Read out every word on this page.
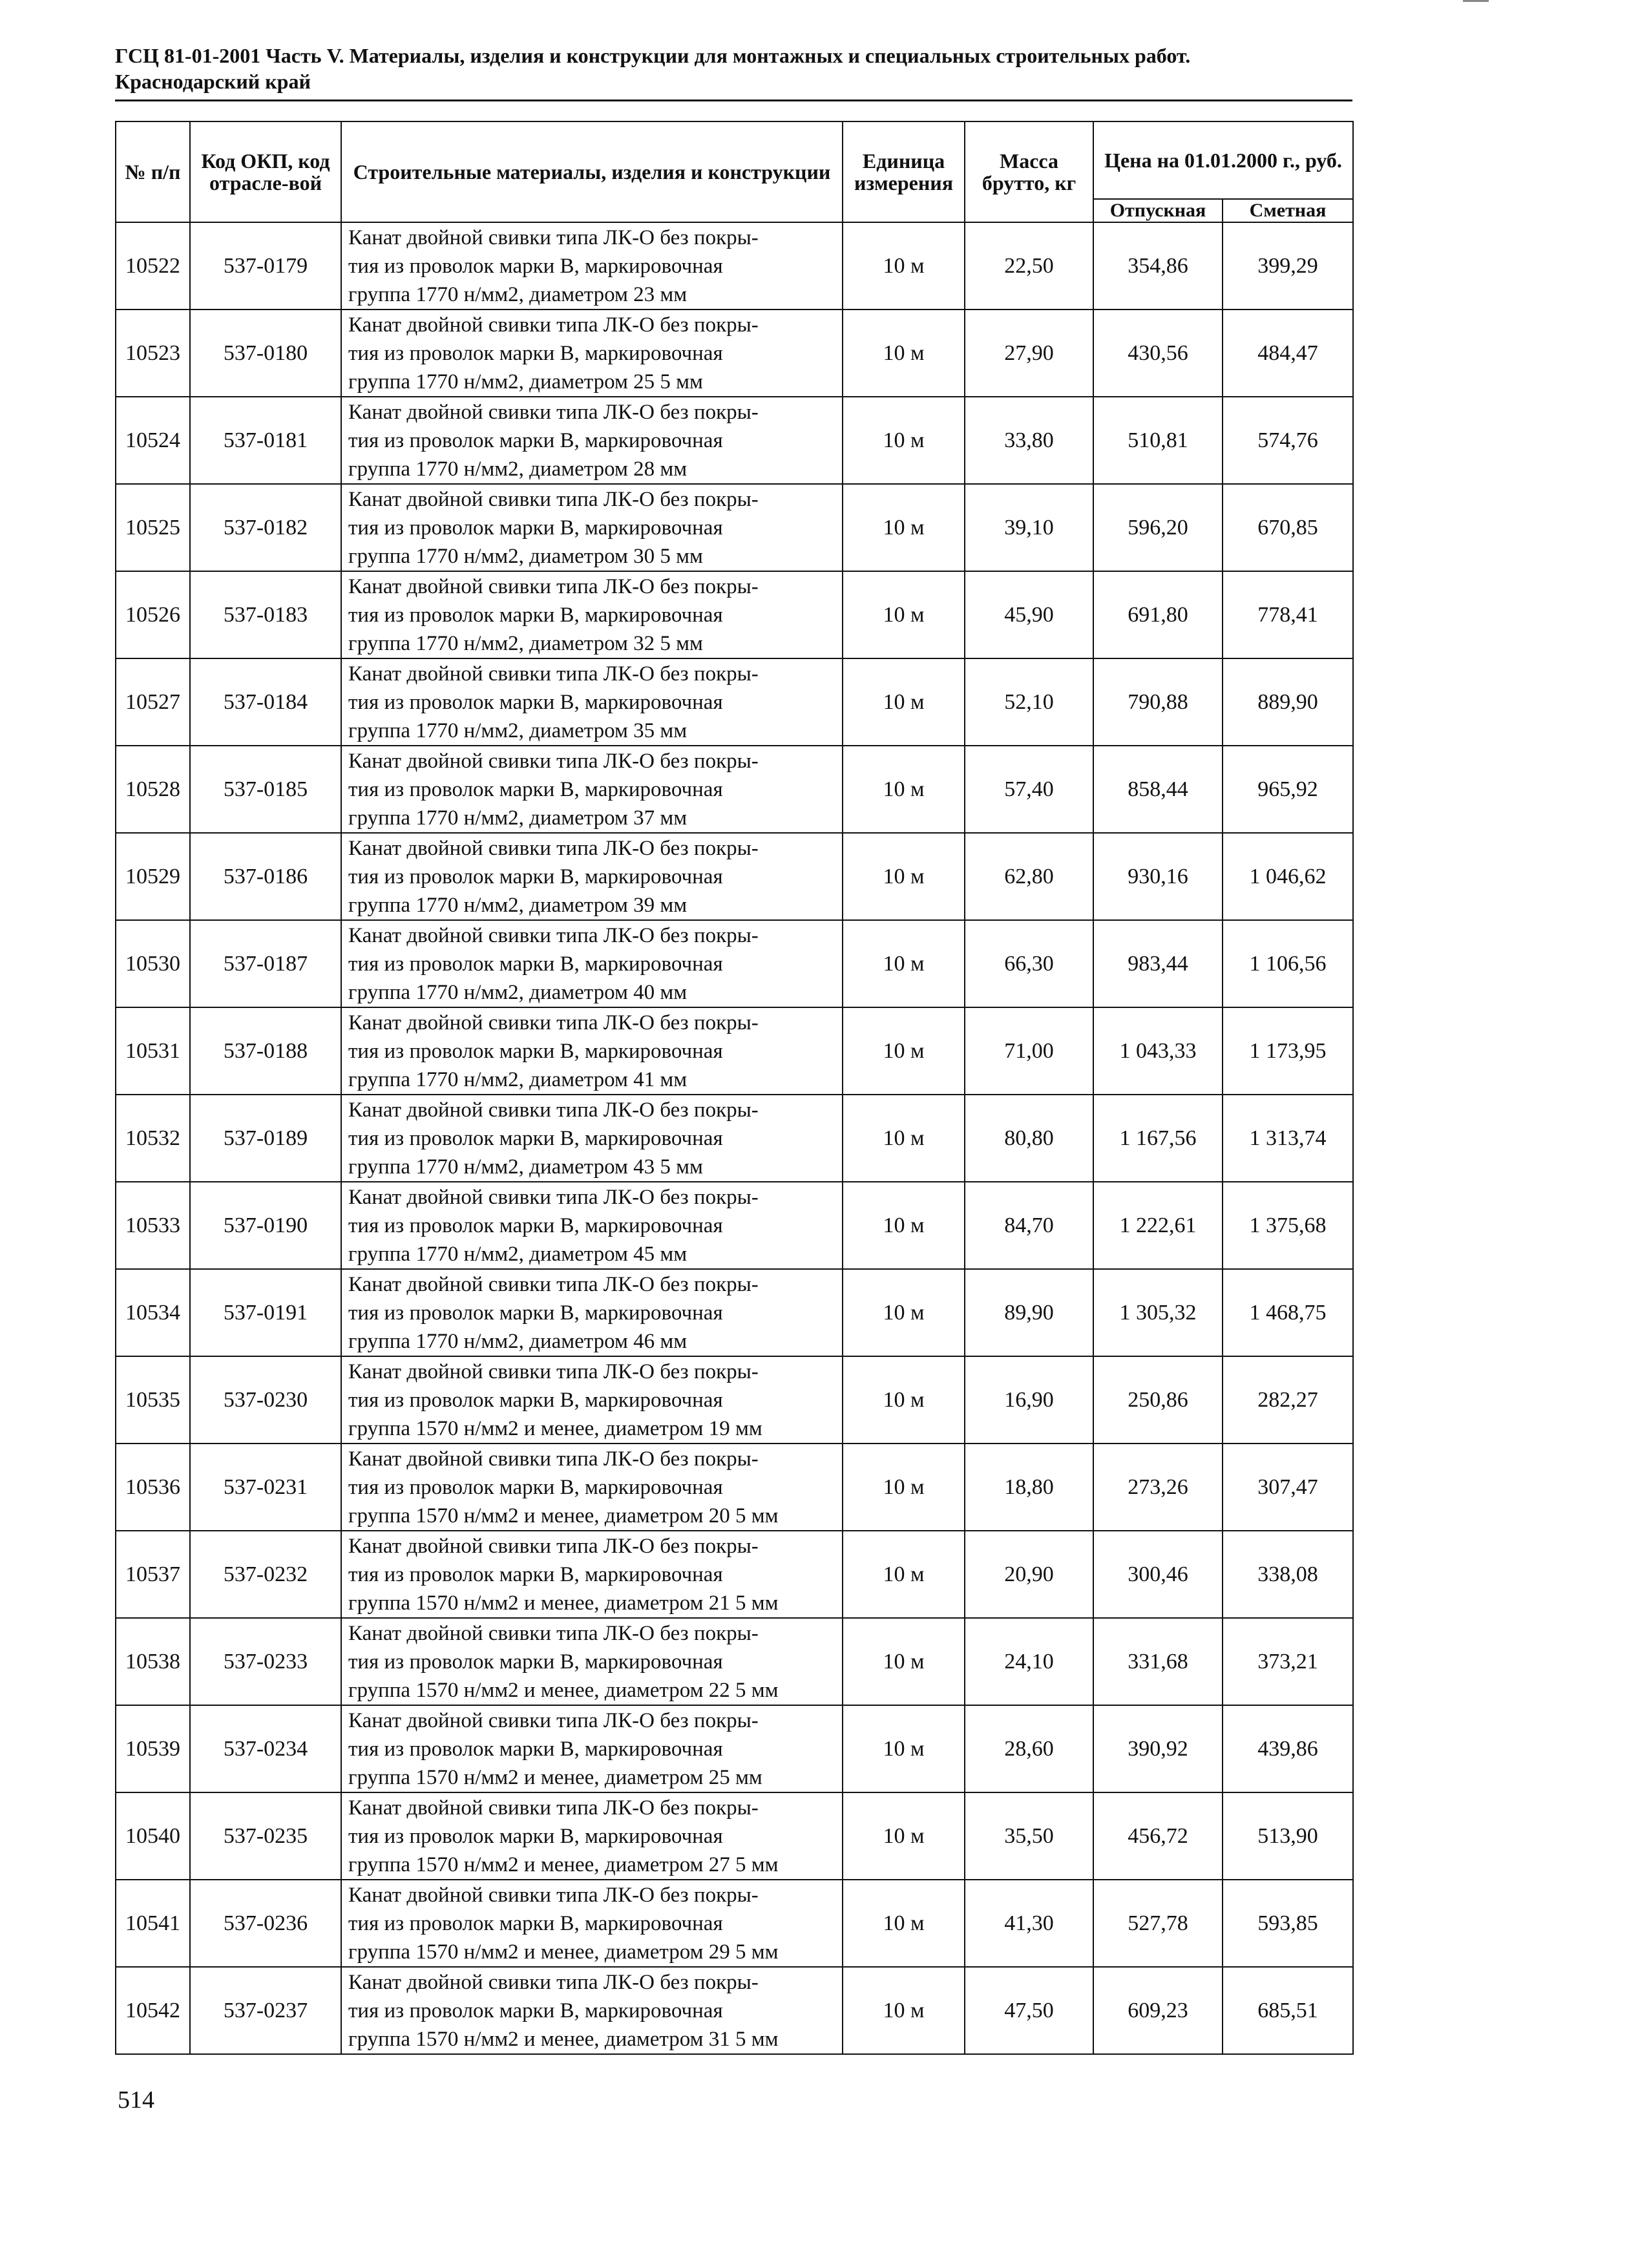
ГСЦ 81-01-2001 Часть V. Материалы, изделия и конструкции для монтажных и специальных строительных работ.
Краснодарский край
№ п/п	Код ОКП, код отрасле-вой	Строительные материалы, изделия и конструкции	Единица измерения	Масса брутто, кг	Цена на 01.01.2000 г., руб.	
					Отпускная	Сметная
10522	537-0179	Канат двойной свивки типа ЛК-О без покры-
тия из проволок марки В, маркировочная
группа 1770 н/мм2, диаметром 23 мм	10 м	22,50	354,86	399,29
10523	537-0180	Канат двойной свивки типа ЛК-О без покры-
тия из проволок марки В, маркировочная
группа 1770 н/мм2, диаметром 25 5 мм	10 м	27,90	430,56	484,47
10524	537-0181	Канат двойной свивки типа ЛК-О без покры-
тия из проволок марки В, маркировочная
группа 1770 н/мм2, диаметром 28 мм	10 м	33,80	510,81	574,76
10525	537-0182	Канат двойной свивки типа ЛК-О без покры-
тия из проволок марки В, маркировочная
группа 1770 н/мм2, диаметром 30 5 мм	10 м	39,10	596,20	670,85
10526	537-0183	Канат двойной свивки типа ЛК-О без покры-
тия из проволок марки В, маркировочная
группа 1770 н/мм2, диаметром 32 5 мм	10 м	45,90	691,80	778,41
10527	537-0184	Канат двойной свивки типа ЛК-О без покры-
тия из проволок марки В, маркировочная
группа 1770 н/мм2, диаметром 35 мм	10 м	52,10	790,88	889,90
10528	537-0185	Канат двойной свивки типа ЛК-О без покры-
тия из проволок марки В, маркировочная
группа 1770 н/мм2, диаметром 37 мм	10 м	57,40	858,44	965,92
10529	537-0186	Канат двойной свивки типа ЛК-О без покры-
тия из проволок марки В, маркировочная
группа 1770 н/мм2, диаметром 39 мм	10 м	62,80	930,16	1 046,62
10530	537-0187	Канат двойной свивки типа ЛК-О без покры-
тия из проволок марки В, маркировочная
группа 1770 н/мм2, диаметром 40 мм	10 м	66,30	983,44	1 106,56
10531	537-0188	Канат двойной свивки типа ЛК-О без покры-
тия из проволок марки В, маркировочная
группа 1770 н/мм2, диаметром 41 мм	10 м	71,00	1 043,33	1 173,95
10532	537-0189	Канат двойной свивки типа ЛК-О без покры-
тия из проволок марки В, маркировочная
группа 1770 н/мм2, диаметром 43 5 мм	10 м	80,80	1 167,56	1 313,74
10533	537-0190	Канат двойной свивки типа ЛК-О без покры-
тия из проволок марки В, маркировочная
группа 1770 н/мм2, диаметром 45 мм	10 м	84,70	1 222,61	1 375,68
10534	537-0191	Канат двойной свивки типа ЛК-О без покры-
тия из проволок марки В, маркировочная
группа 1770 н/мм2, диаметром 46 мм	10 м	89,90	1 305,32	1 468,75
10535	537-0230	Канат двойной свивки типа ЛК-О без покры-
тия из проволок марки В, маркировочная
группа 1570 н/мм2 и менее, диаметром 19 мм	10 м	16,90	250,86	282,27
10536	537-0231	Канат двойной свивки типа ЛК-О без покры-
тия из проволок марки В, маркировочная
группа 1570 н/мм2 и менее, диаметром 20 5 мм	10 м	18,80	273,26	307,47
10537	537-0232	Канат двойной свивки типа ЛК-О без покры-
тия из проволок марки В, маркировочная
группа 1570 н/мм2 и менее, диаметром 21 5 мм	10 м	20,90	300,46	338,08
10538	537-0233	Канат двойной свивки типа ЛК-О без покры-
тия из проволок марки В, маркировочная
группа 1570 н/мм2 и менее, диаметром 22 5 мм	10 м	24,10	331,68	373,21
10539	537-0234	Канат двойной свивки типа ЛК-О без покры-
тия из проволок марки В, маркировочная
группа 1570 н/мм2 и менее, диаметром 25 мм	10 м	28,60	390,92	439,86
10540	537-0235	Канат двойной свивки типа ЛК-О без покры-
тия из проволок марки В, маркировочная
группа 1570 н/мм2 и менее, диаметром 27 5 мм	10 м	35,50	456,72	513,90
10541	537-0236	Канат двойной свивки типа ЛК-О без покры-
тия из проволок марки В, маркировочная
группа 1570 н/мм2 и менее, диаметром 29 5 мм	10 м	41,30	527,78	593,85
10542	537-0237	Канат двойной свивки типа ЛК-О без покры-
тия из проволок марки В, маркировочная
группа 1570 н/мм2 и менее, диаметром 31 5 мм	10 м	47,50	609,23	685,51
514
